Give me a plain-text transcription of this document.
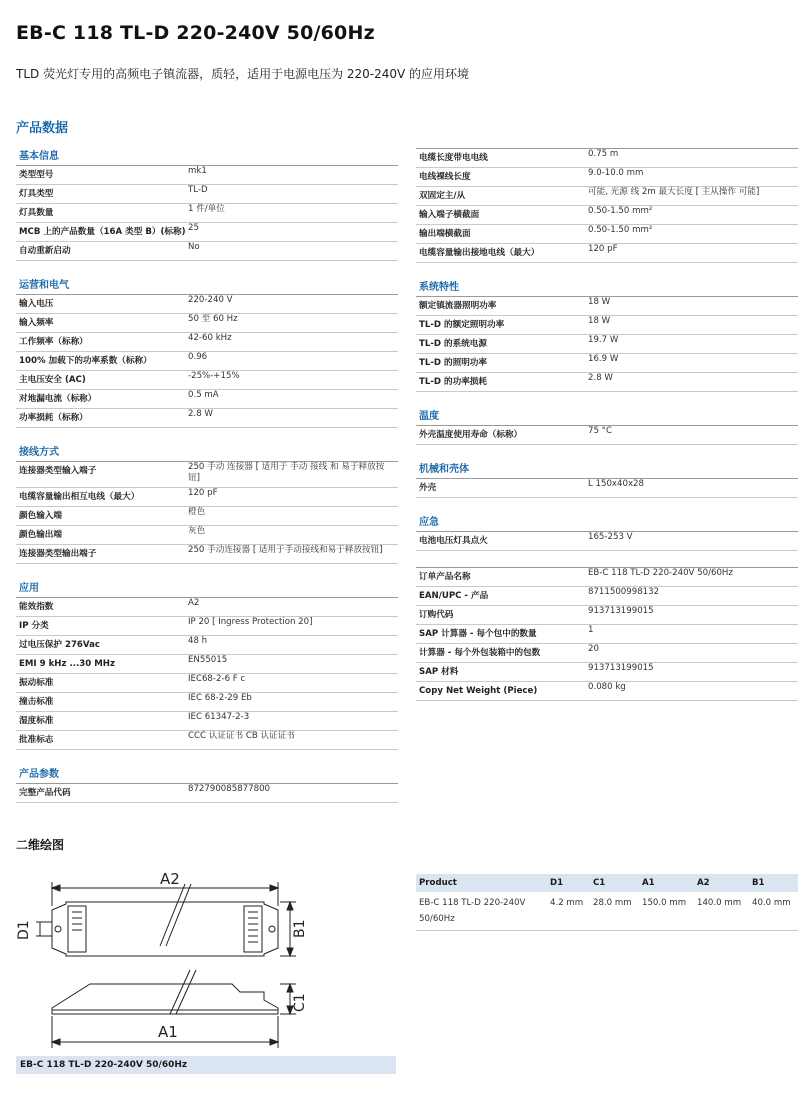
EB-C 118 TL-D 220-240V 50/60Hz
TLD 荧光灯专用的高频电子镇流器，质轻，适用于电源电压为 220-240V 的应用环境
产品数据
基本信息
类型型号	mk1
灯具类型	TL-D
灯具数量	1 件/单位
MCB 上的产品数量（16A 类型 B）(标称) 25
自动重新启动	No
运营和电气
输入电压	220-240 V
输入频率	50 至 60 Hz
工作频率（标称）	42-60 kHz
100% 加载下的功率系数（标称）	0.96
主电压安全 (AC)	-25%-+15%
对地漏电流（标称）	0.5 mA
功率损耗（标称）	2.8 W
接线方式
连接器类型输入端子	250 手动 连接器 [ 适用于 手动 接线 和 易于释放按钮]
电缆容量输出相互电线（最大）	120 pF
颜色输入端	橙色
颜色输出端	灰色
连接器类型输出端子	250 手动连接器 [ 适用于手动接线和易于释放按钮]
应用
能效指数	A2
IP 分类	IP 20 [ Ingress Protection 20]
过电压保护 276Vac	48 h
EMI 9 kHz ...30 MHz	EN55015
振动标准	IEC68-2-6 F c
撞击标准	IEC 68-2-29 Eb
湿度标准	IEC 61347-2-3
批准标志	CCC 认证证书 CB 认证证书
产品参数
完整产品代码	872790085877800
电缆长度带电电线	0.75 m
电线裸线长度	9.0-10.0 mm
双固定主/从	可能, 光源 线 2m 最大长度 [ 主从操作 可能]
输入端子横截面	0.50-1.50 mm²
输出端横截面	0.50-1.50 mm²
电缆容量输出接地电线（最大）	120 pF
系统特性
额定镇流器照明功率	18 W
TL-D 的额定照明功率	18 W
TL-D 的系统电源	19.7 W
TL-D 的照明功率	16.9 W
TL-D 的功率损耗	2.8 W
温度
外壳温度使用寿命（标称）	75 °C
机械和壳体
外壳	L 150x40x28
应急
电池电压灯具点火	165-253 V
订单产品名称	EB-C 118 TL-D 220-240V 50/60Hz
EAN/UPC - 产品	8711500998132
订购代码	913713199015
SAP 计算器 - 每个包中的数量	1
计算器 - 每个外包装箱中的包数	20
SAP 材料	913713199015
Copy Net Weight (Piece)	0.080 kg
二维绘图
A2
A1
D1	B1
C1
EB-C 118 TL-D 220-240V 50/60Hz
Product	D1	C1	A1	A2	B1
EB-C 118 TL-D 220-240V 50/60Hz	4.2 mm	28.0 mm	150.0 mm	140.0 mm	40.0 mm
